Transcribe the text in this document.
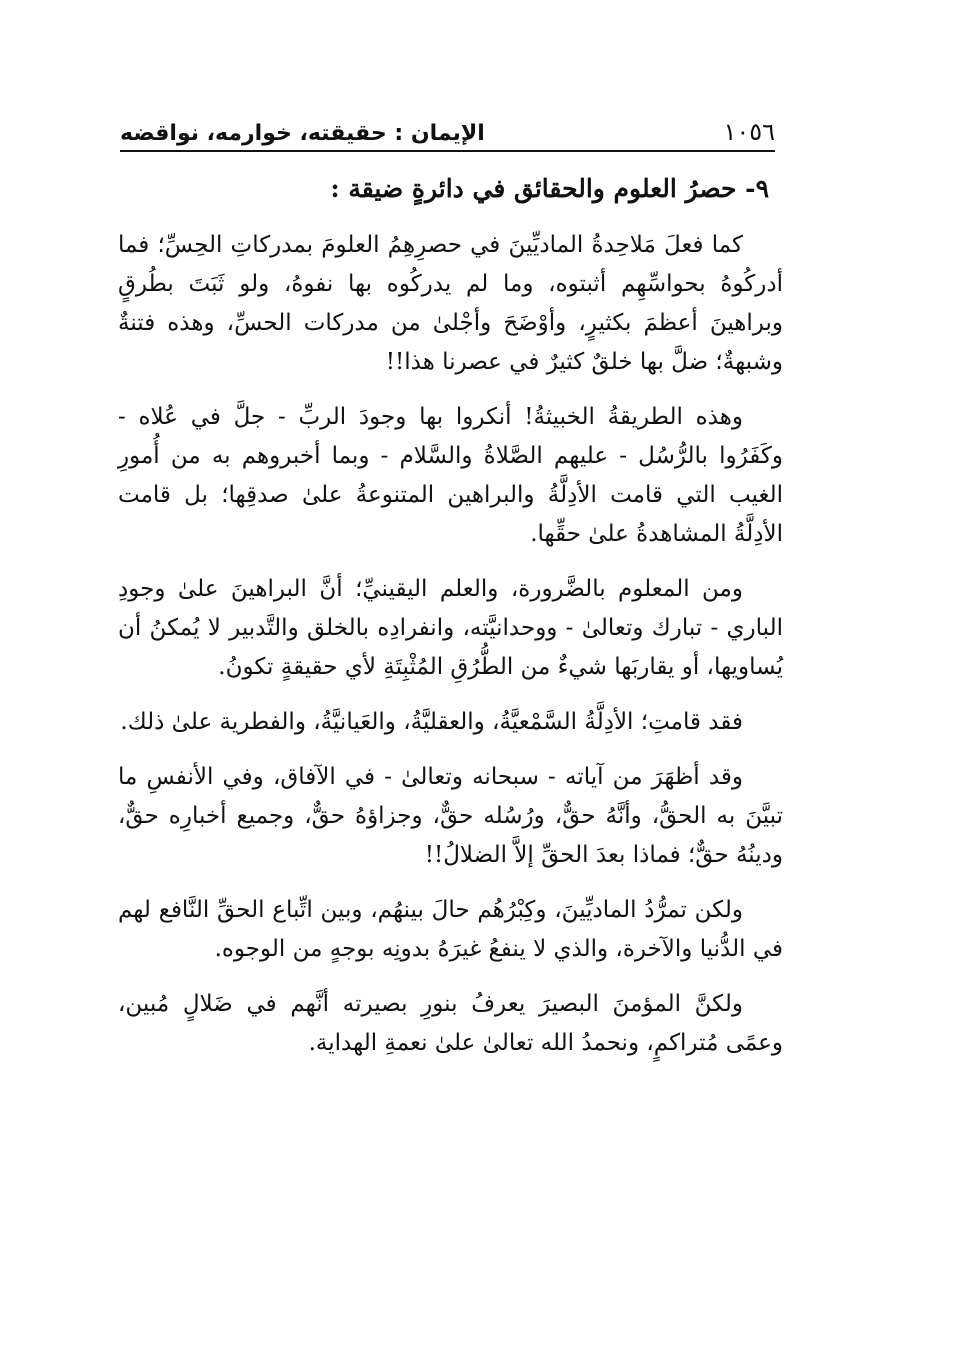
١٠٥٦
الإيمان : حقيقته، خوارمه، نواقضه
٩- حصرُ العلوم والحقائق في دائرةٍ ضيقة :

كما فعلَ مَلاحِدةُ الماديِّينَ في حصرِهِمُ العلومَ بمدركاتِ الحِسِّ؛ فما أدركُوهُ بحواسِّهِم أثبتوه، وما لم يدركُوه بها نفوهُ، ولو ثَبَتَ بطُرقٍ وبراهينَ أعظمَ بكثيرٍ، وأوْضَحَ وأجْلىٰ من مدركات الحسِّ، وهذه فتنةٌ وشبهةٌ؛ ضلَّ بها خلقٌ كثيرٌ في عصرنا هذا!!

وهذه الطريقةُ الخبيثةُ! أنكروا بها وجودَ الربِّ - جلَّ في عُلاه - وكَفَرُوا بالرُّسُل - عليهم الصَّلاةُ والسَّلام - وبما أخبروهم به من أُمورِ الغيب التي قامت الأدِلَّةُ والبراهين المتنوعةُ علىٰ صدقِها؛ بل قامت الأدِلَّةُ المشاهدةُ علىٰ حقِّها.

ومن المعلوم بالضَّرورة، والعلم اليقينيِّ؛ أنَّ البراهينَ علىٰ وجودِ الباري - تبارك وتعالىٰ - ووحدانيَّته، وانفرادِه بالخلق والتَّدبير لا يُمكنُ أن يُساويها، أو يقاربَها شيءٌ من الطُّرُقِ المُثْبِتَةِ لأي حقيقةٍ تكونُ.

فقد قامتِ؛ الأدِلَّةُ السَّمْعيَّةُ، والعقليَّةُ، والعَيانيَّةُ، والفطرية علىٰ ذلك.

وقد أظهَرَ من آياته - سبحانه وتعالىٰ - في الآفاق، وفي الأنفسِ ما تبيَّنَ به الحقُّ، وأنَّهُ حقٌّ، ورُسُله حقٌّ، وجزاؤهُ حقٌّ، وجميع أخبارِه حقٌّ، ودينُهُ حقٌّ؛ فماذا بعدَ الحقِّ إلاَّ الضلالُ!!

ولكن تمرُّدُ الماديِّينَ، وكِبْرُهُم حالَ بينهُم، وبين اتِّباع الحقِّ النَّافع لهم في الدُّنيا والآخرة، والذي لا ينفعُ غيرَهُ بدونِه بوجهٍ من الوجوه.

ولكنَّ المؤمنَ البصيرَ يعرفُ بنورِ بصيرته أنَّهم في ضَلالٍ مُبين، وعمًى مُتراكمٍ، ونحمدُ الله تعالىٰ علىٰ نعمةِ الهداية.
